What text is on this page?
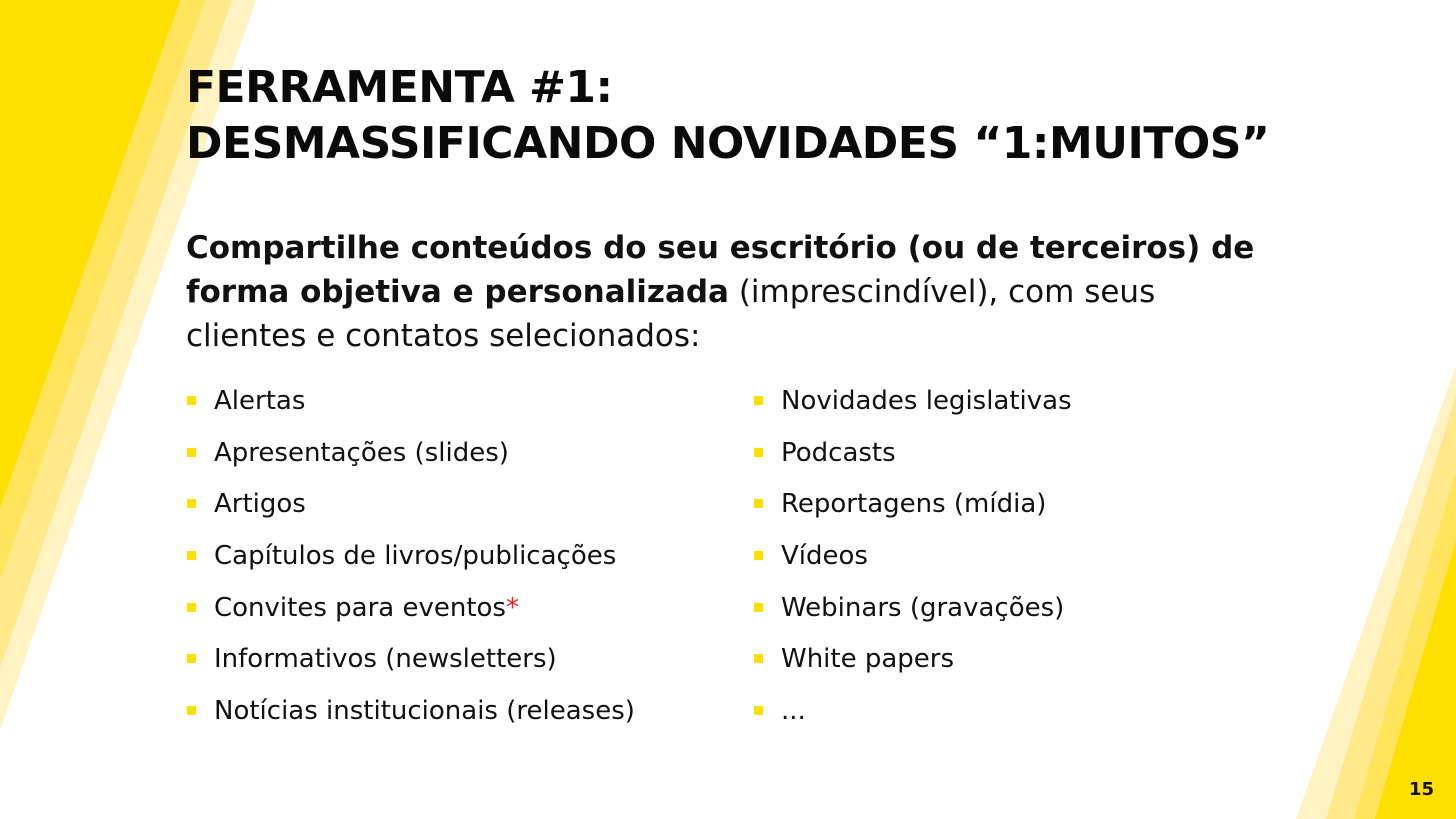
FERRAMENTA #1:
DESMASSIFICANDO NOVIDADES “1:MUITOS”

Compartilhe conteúdos do seu escritório (ou de terceiros) de forma objetiva e personalizada (imprescindível), com seus clientes e contatos selecionados:

Alertas
Apresentações (slides)
Artigos
Capítulos de livros/publicações
Convites para eventos*
Informativos (newsletters)
Notícias institucionais (releases)
Novidades legislativas
Podcasts
Reportagens (mídia)
Vídeos
Webinars (gravações)
White papers
...
15
